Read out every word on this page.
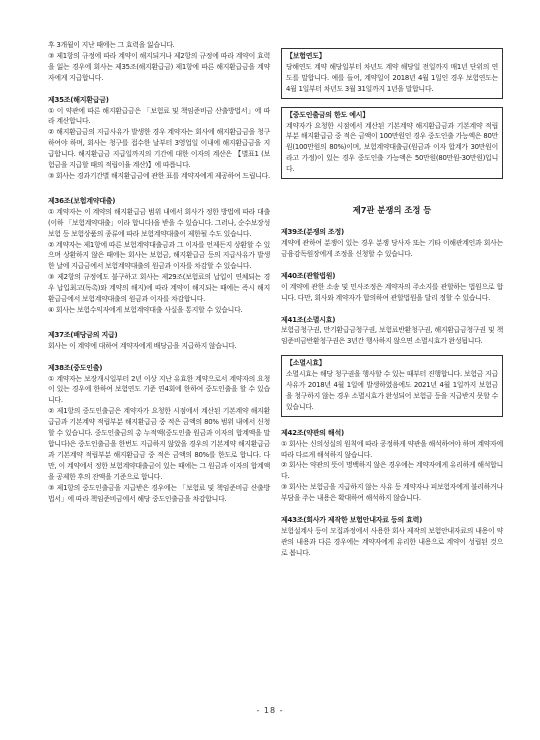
후 3개월이 지난 때에는 그 효력을 잃습니다.

③ 제1항의 규정에 따라 계약이 해지되거나 제2항의 규정에 따라 계약이 효력을 잃는 경우에 회사는 제35조(해지환급금) 제1항에 따른 해지환급금을 계약자에게 지급합니다.

제35조(해지환급금)

① 이 약관에 따른 해지환급금은 「보험료 및 책임준비금 산출방법서」에 따라 계산합니다.

② 해지환급금의 지급사유가 발생한 경우 계약자는 회사에 해지환급금을 청구하여야 하며, 회사는 청구를 접수한 날부터 3영업일 이내에 해지환급금을 지급합니다. 해지환급금 지급일까지의 기간에 대한 이자의 계산은 【별표1 (보험금을 지급할 때의 적립이율 계산)】에 따릅니다.

③ 회사는 경과기간별 해지환급금에 관한 표를 계약자에게 제공하여 드립니다.

제36조(보험계약대출)

① 계약자는 이 계약의 해지환급금 범위 내에서 회사가 정한 방법에 따라 대출(이하 「보험계약대출」이라 합니다)을 받을 수 있습니다. 그러나, 순수보장성보험 등 보험상품의 종류에 따라 보험계약대출이 제한될 수도 있습니다.

② 계약자는 제1항에 따른 보험계약대출금과 그 이자를 언제든지 상환할 수 있으며 상환하지 않은 때에는 회사는 보험금, 해지환급금 등의 지급사유가 발생한 날에 지급금에서 보험계약대출의 원금과 이자를 차감할 수 있습니다.

③ 제2항의 규정에도 불구하고 회사는 제29조(보험료의 납입이 연체되는 경우 납입최고(독촉)와 계약의 해지)에 따라 계약이 해지되는 때에는 즉시 해지환급금에서 보험계약대출의 원금과 이자를 차감합니다.

④ 회사는 보험수익자에게 보험계약대출 사실을 통지할 수 있습니다.

제37조(배당금의 지급)

회사는 이 계약에 대하여 계약자에게 배당금을 지급하지 않습니다.

제38조(중도인출)

① 계약자는 보장개시일부터 2년 이상 지난 유효한 계약으로서 계약자의 요청이 있는 경우에 한하여 보험연도 기준 연4회에 한하여 중도인출을 할 수 있습니다.

② 제1항의 중도인출금은 계약자가 요청한 시점에서 계산된 기본계약 해지환급금과 기본계약 적립부분 해지환급금 중 적은 금액의 80% 범위 내에서 신청할 수 있습니다. 중도인출금의 총 누적액(중도인출 원금과 이자의 합계액을 말합니다)은 중도인출금을 한번도 지급하지 않았을 경우의 기본계약 해지환급금과 기본계약 적립부분 해지환급금 중 적은 금액의 80%를 한도로 합니다. 다만, 이 계약에서 정한 보험계약대출금이 있는 때에는 그 원금과 이자의 합계액을 공제한 후의 잔액을 기준으로 합니다.

③ 제1항의 중도인출금을 지급받은 경우에는 「보험료 및 책임준비금 산출방법서」에 따라 책임준비금에서 해당 중도인출금을 차감합니다.

【보험연도】

당해연도 계약 해당일부터 차년도 계약 해당일 전일까지 매1년 단위의 연도를 말합니다. 예를 들어, 계약일이 2018년 4월 1일인 경우 보험연도는 4월 1일부터 차년도 3월 31일까지 1년을 말합니다.

【중도인출금의 한도 예시】

계약자가 요청한 시점에서 계산된 기본계약 해지환급금과 기본계약 적립부분 해지환급금 중 적은 금액이 100만원인 경우 중도인출 가능액은 80만원(100만원의 80%)이며, 보험계약대출금(원금과 이자 합계가 30만원이라고 가정)이 있는 경우 중도인출 가능액은 50만원(80만원-30만원)입니다.

제7관 분쟁의 조정 등

제39조(분쟁의 조정)

계약에 관하여 분쟁이 있는 경우 분쟁 당사자 또는 기타 이해관계인과 회사는 금융감독원장에게 조정을 신청할 수 있습니다.

제40조(관할법원)

이 계약에 관한 소송 및 민사조정은 계약자의 주소지를 관할하는 법원으로 합니다. 다만, 회사와 계약자가 합의하여 관할법원을 달리 정할 수 있습니다.

제41조(소멸시효)

보험금청구권, 만기환급금청구권, 보험료반환청구권, 해지환급금청구권 및 책임준비금반환청구권은 3년간 행사하지 않으면 소멸시효가 완성됩니다.

【소멸시효】

소멸시효는 해당 청구권을 행사할 수 있는 때부터 진행합니다. 보험금 지급사유가 2018년 4월 1일에 발생하였음에도 2021년 4월 1일까지 보험금을 청구하지 않는 경우 소멸시효가 완성되어 보험금 등을 지급받지 못할 수 있습니다.

제42조(약관의 해석)

① 회사는 신의성실의 원칙에 따라 공정하게 약관을 해석하여야 하며 계약자에 따라 다르게 해석하지 않습니다.

② 회사는 약관의 뜻이 명백하지 않은 경우에는 계약자에게 유리하게 해석합니다.

③ 회사는 보험금을 지급하지 않는 사유 등 계약자나 피보험자에게 불리하거나 부담을 주는 내용은 확대하여 해석하지 않습니다.

제43조(회사가 제작한 보험안내자료 등의 효력)

보험설계사 등이 모집과정에서 사용한 회사 제작의 보험안내자료의 내용이 약관의 내용과 다른 경우에는 계약자에게 유리한 내용으로 계약이 성립된 것으로 봅니다.

- 18 -
